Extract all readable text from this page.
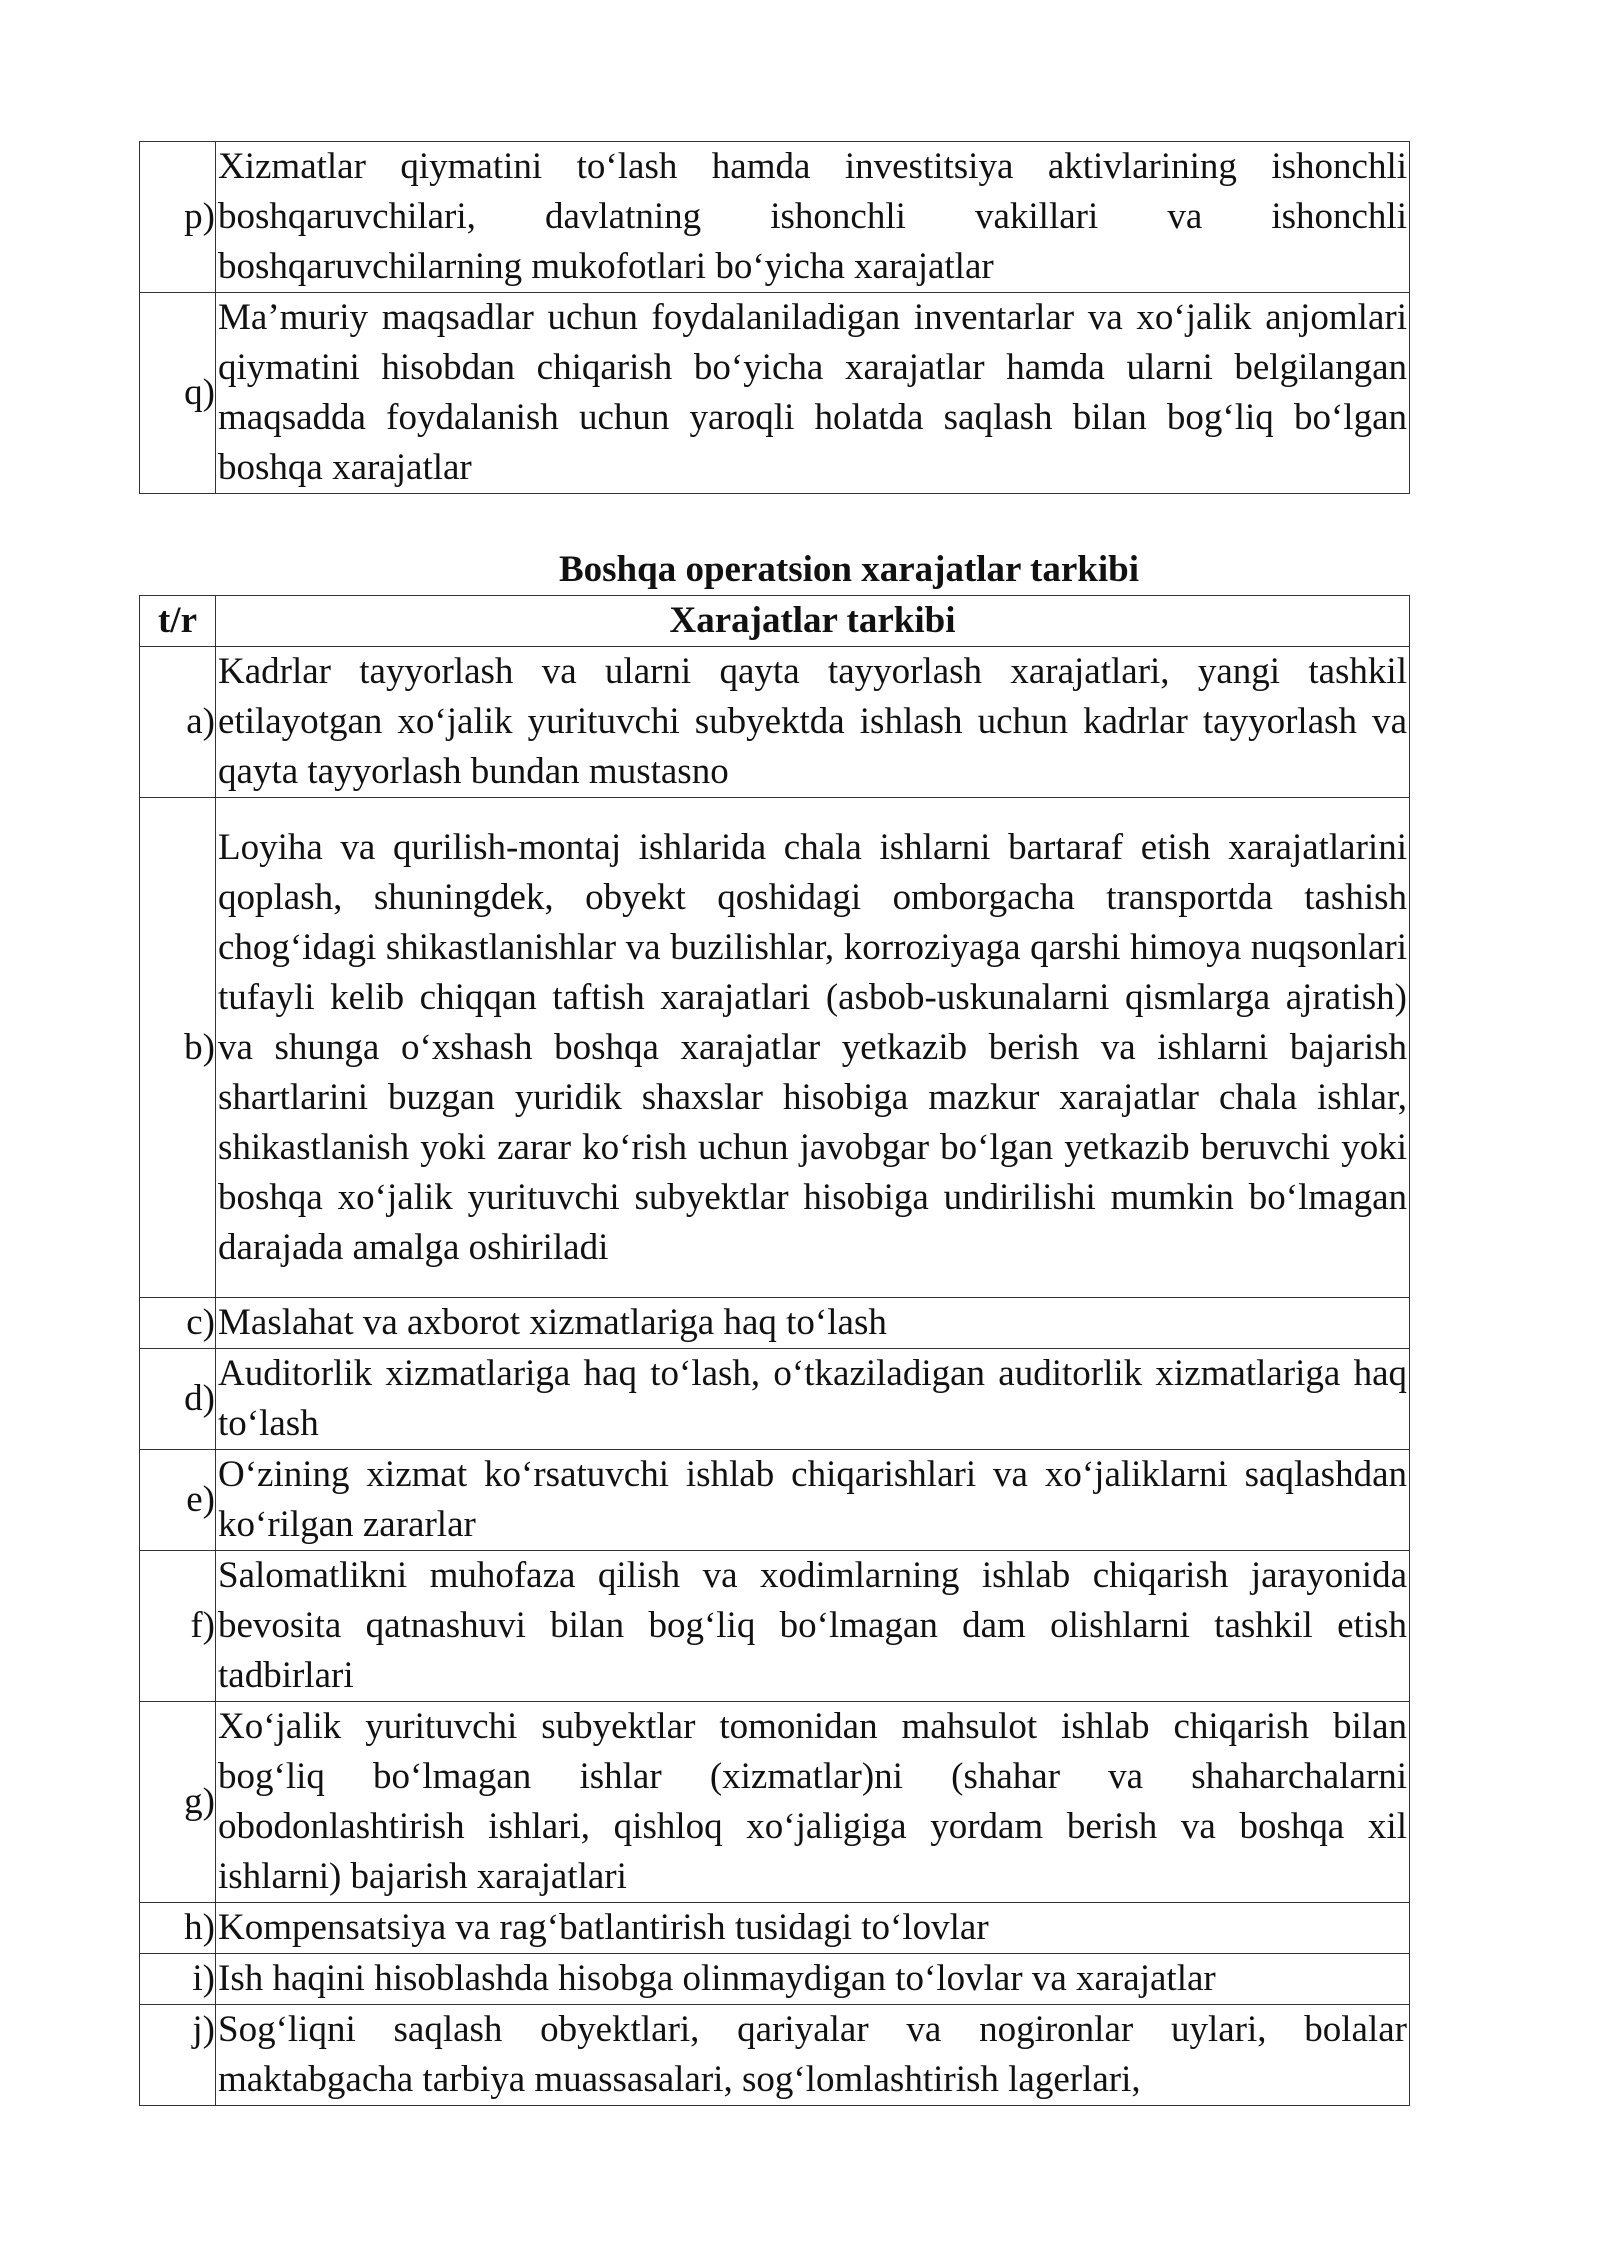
p)	Xizmatlar qiymatini to‘lash hamda investitsiya aktivlarining ishonchli boshqaruvchilari, davlatning ishonchli vakillari va ishonchli boshqaruvchilarning mukofotlari bo‘yicha xarajatlar
q)	Ma’muriy maqsadlar uchun foydalaniladigan inventarlar va xo‘jalik anjomlari qiymatini hisobdan chiqarish bo‘yicha xarajatlar hamda ularni belgilangan maqsadda foydalanish uchun yaroqli holatda saqlash bilan bog‘liq bo‘lgan boshqa xarajatlar
Boshqa operatsion xarajatlar tarkibi
t/r	Xarajatlar tarkibi
a)	Kadrlar tayyorlash va ularni qayta tayyorlash xarajatlari, yangi tashkil etilayotgan xo‘jalik yurituvchi subyektda ishlash uchun kadrlar tayyorlash va qayta tayyorlash bundan mustasno
b)	Loyiha va qurilish-montaj ishlarida chala ishlarni bartaraf etish xarajatlarini qoplash, shuningdek, obyekt qoshidagi omborgacha transportda tashish chog‘idagi shikastlanishlar va buzilishlar, korroziyaga qarshi himoya nuqsonlari tufayli kelib chiqqan taftish xarajatlari (asbob-uskunalarni qismlarga ajratish) va shunga o‘xshash boshqa xarajatlar yetkazib berish va ishlarni bajarish shartlarini buzgan yuridik shaxslar hisobiga mazkur xarajatlar chala ishlar, shikastlanish yoki zarar ko‘rish uchun javobgar bo‘lgan yetkazib beruvchi yoki boshqa xo‘jalik yurituvchi subyektlar hisobiga undirilishi mumkin bo‘lmagan darajada amalga oshiriladi
c)	Maslahat va axborot xizmatlariga haq to‘lash
d)	Auditorlik xizmatlariga haq to‘lash, o‘tkaziladigan auditorlik xizmatlariga haq to‘lash
e)	O‘zining xizmat ko‘rsatuvchi ishlab chiqarishlari va xo‘jaliklarni saqlashdan ko‘rilgan zararlar
f)	Salomatlikni muhofaza qilish va xodimlarning ishlab chiqarish jarayonida bevosita qatnashuvi bilan bog‘liq bo‘lmagan dam olishlarni tashkil etish tadbirlari
g)	Xo‘jalik yurituvchi subyektlar tomonidan mahsulot ishlab chiqarish bilan bog‘liq bo‘lmagan ishlar (xizmatlar)ni (shahar va shaharchalarni obodonlashtirish ishlari, qishloq xo‘jaligiga yordam berish va boshqa xil ishlarni) bajarish xarajatlari
h)	Kompensatsiya va rag‘batlantirish tusidagi to‘lovlar
i)	Ish haqini hisoblashda hisobga olinmaydigan to‘lovlar va xarajatlar
j)	Sog‘liqni saqlash obyektlari, qariyalar va nogironlar uylari, bolalar maktabgacha tarbiya muassasalari, sog‘lomlashtirish lagerlari,
